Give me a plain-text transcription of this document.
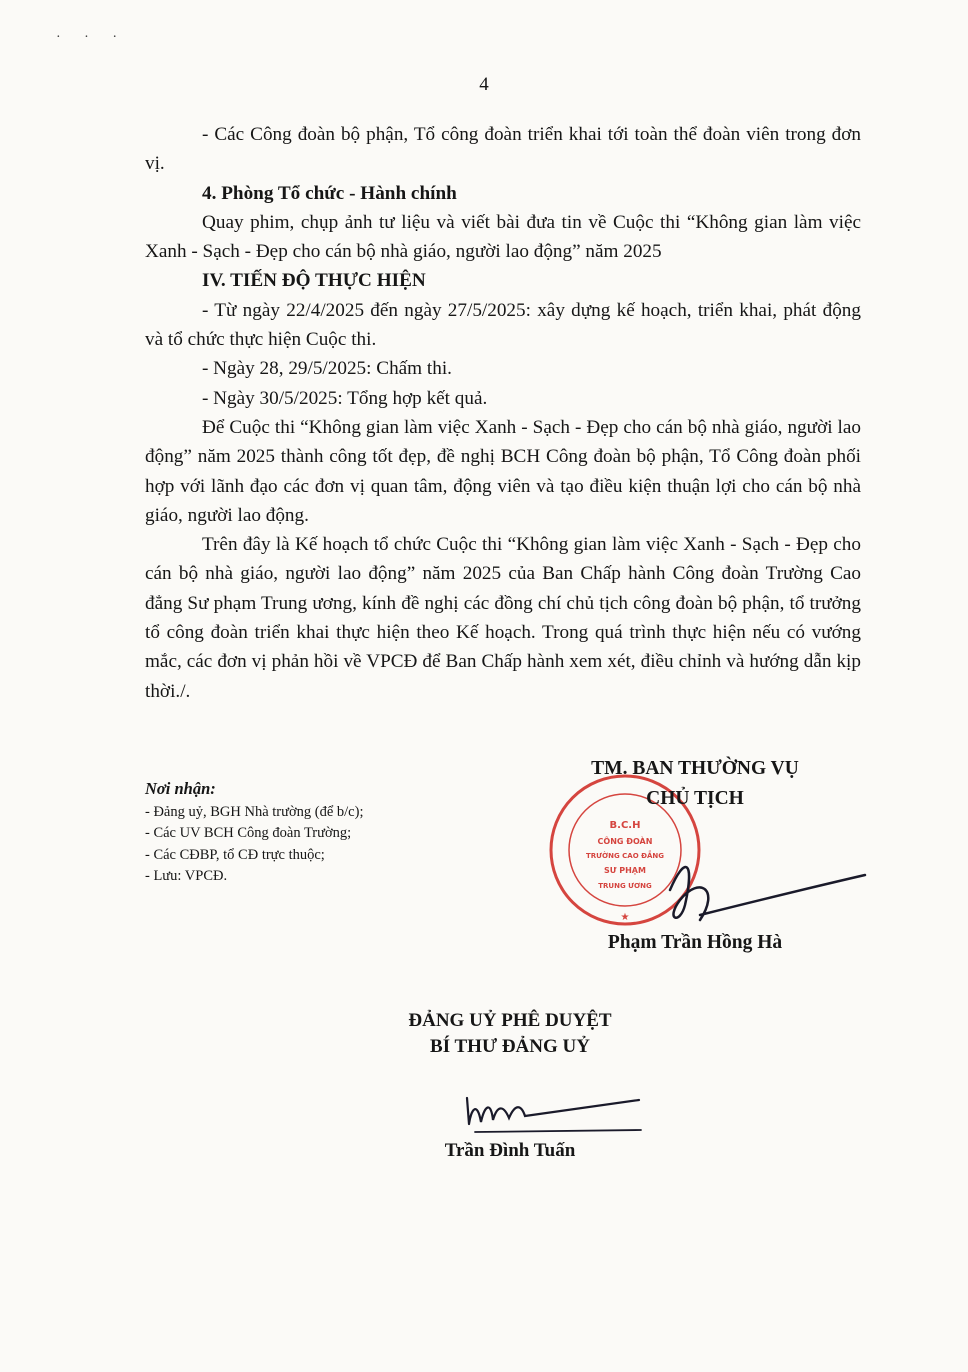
· · ·
4

- Các Công đoàn bộ phận, Tổ công đoàn triển khai tới toàn thể đoàn viên trong đơn vị.

4. Phòng Tổ chức - Hành chính

Quay phim, chụp ảnh tư liệu và viết bài đưa tin về Cuộc thi “Không gian làm việc Xanh - Sạch - Đẹp cho cán bộ nhà giáo, người lao động” năm 2025

IV. TIẾN ĐỘ THỰC HIỆN

- Từ ngày 22/4/2025 đến ngày 27/5/2025: xây dựng kế hoạch, triển khai, phát động và tổ chức thực hiện Cuộc thi.

- Ngày 28, 29/5/2025: Chấm thi.

- Ngày 30/5/2025: Tổng hợp kết quả.

Để Cuộc thi “Không gian làm việc Xanh - Sạch - Đẹp cho cán bộ nhà giáo, người lao động” năm 2025 thành công tốt đẹp, đề nghị BCH Công đoàn bộ phận, Tổ Công đoàn phối hợp với lãnh đạo các đơn vị quan tâm, động viên và tạo điều kiện thuận lợi cho cán bộ nhà giáo, người lao động.

Trên đây là Kế hoạch tổ chức Cuộc thi “Không gian làm việc Xanh - Sạch - Đẹp cho cán bộ nhà giáo, người lao động” năm 2025 của Ban Chấp hành Công đoàn Trường Cao đẳng Sư phạm Trung ương, kính đề nghị các đồng chí chủ tịch công đoàn bộ phận, tổ trưởng tổ công đoàn triển khai thực hiện theo Kế hoạch. Trong quá trình thực hiện nếu có vướng mắc, các đơn vị phản hồi về VPCĐ để Ban Chấp hành xem xét, điều chỉnh và hướng dẫn kịp thời./.

Nơi nhận:
- Đảng uỷ, BGH Nhà trường (để b/c);
- Các UV BCH Công đoàn Trường;
- Các CĐBP, tổ CĐ trực thuộc;
- Lưu: VPCĐ.
B.C.H
CÔNG ĐOÀN
TRƯỜNG CAO ĐẲNG
SƯ PHẠM
TRUNG ƯƠNG
★
TM. BAN THƯỜNG VỤ
CHỦ TỊCH
Phạm Trần Hồng Hà
ĐẢNG UỶ PHÊ DUYỆT
BÍ THƯ ĐẢNG UỶ
Trần Đình Tuấn
